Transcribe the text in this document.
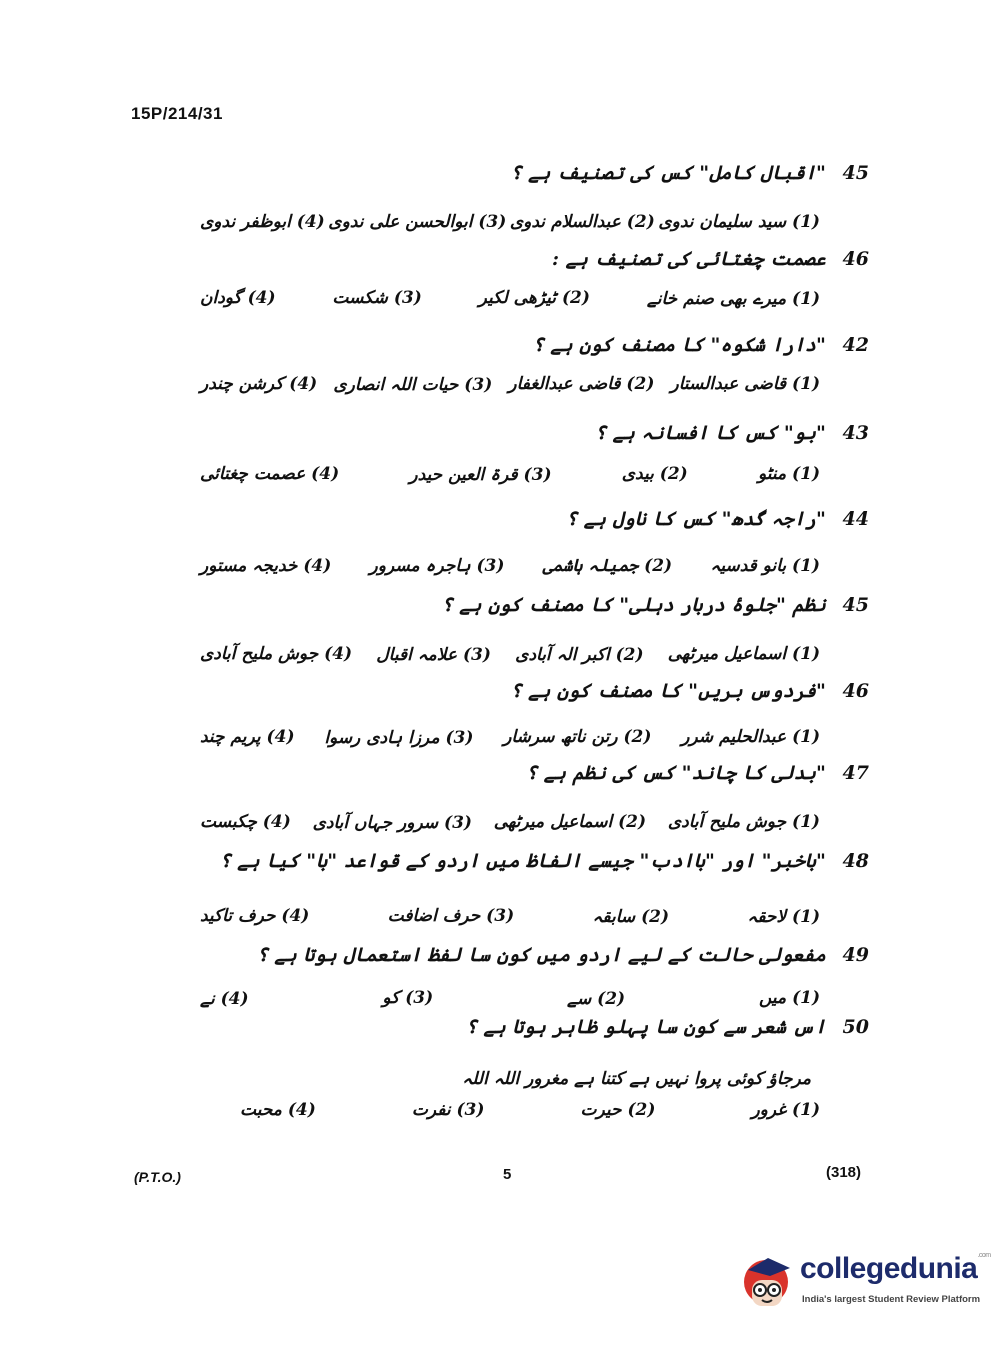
15P/214/31
45 "اقبال کامل" کس کی تصنیف ہے ؟
(1) سید سلیمان ندوی
(2) عبدالسلام ندوی
(3) ابوالحسن علی ندوی
(4) ابوظفر ندوی
46 عصمت چغتائی کی تصنیف ہے :
(1) میرے بھی صنم خانے
(2) ٹیڑھی لکیر
(3) شکست
(4) گودان
42 "دارا شکوہ" کا مصنف کون ہے ؟
(1) قاضی عبدالستار
(2) قاضی عبدالغفار
(3) حیات اللہ انصاری
(4) کرشن چندر
43 "بو" کس کا افسانہ ہے ؟
(1) منٹو
(2) بیدی
(3) قرۃ العین حیدر
(4) عصمت چغتائی
44 "راجہ گدھ" کس کا ناول ہے ؟
(1) بانو قدسیہ
(2) جمیلہ ہاشمی
(3) ہاجرہ مسرور
(4) خدیجہ مستور
45 نظم "جلوۂ دربار دہلی" کا مصنف کون ہے ؟
(1) اسماعیل میرٹھی
(2) اکبر الہ آبادی
(3) علامہ اقبال
(4) جوش ملیح آبادی
46 "فردوس بریں" کا مصنف کون ہے ؟
(1) عبدالحلیم شرر
(2) رتن ناتھ سرشار
(3) مرزا ہادی رسوا
(4) پریم چند
47 "بدلی کا چاند" کس کی نظم ہے ؟
(1) جوش ملیح آبادی
(2) اسماعیل میرٹھی
(3) سرور جہاں آبادی
(4) چکبست
48 "باخبر" اور "باادب" جیسے الفاظ میں اردو کے قواعد "با" کیا ہے ؟
(1) لاحقہ
(2) سابقہ
(3) حرف اضافت
(4) حرف تاکید
49 مفعولی حالت کے لیے اردو میں کون سا لفظ استعمال ہوتا ہے ؟
(1) میں
(2) سے
(3) کو
(4) نے
50 اس شعر سے کون سا پہلو ظاہر ہوتا ہے ؟
مرجاؤ کوئی پروا نہیں ہے کتنا ہے مغرور اللہ اللہ
(1) غرور
(2) حیرت
(3) نفرت
(4) محبت
(P.T.O.)	5	(318)
collegedunia$^{.com}$
India's largest Student Review Platform
